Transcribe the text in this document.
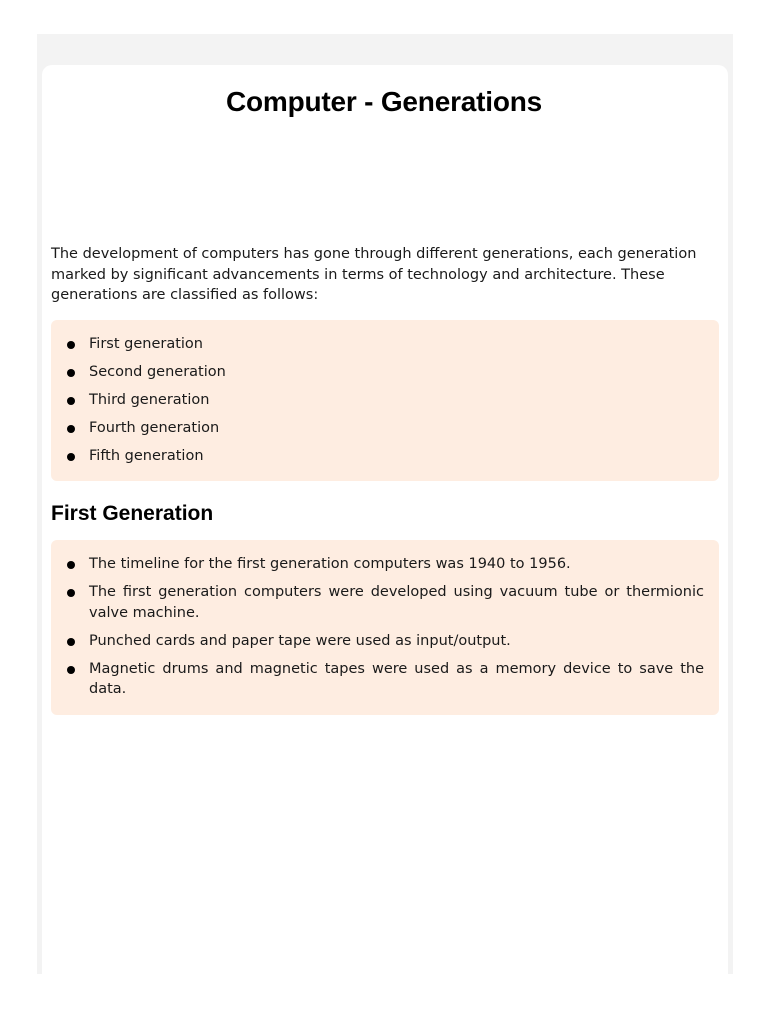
Computer - Generations

The development of computers has gone through different generations, each generation marked by significant advancements in terms of technology and architecture. These generations are classified as follows:

First generation
Second generation
Third generation
Fourth generation
Fifth generation
First Generation
The timeline for the first generation computers was 1940 to 1956.
The first generation computers were developed using vacuum tube or thermionic valve machine.
Punched cards and paper tape were used as input/output.
Magnetic drums and magnetic tapes were used as a memory device to save the data.
